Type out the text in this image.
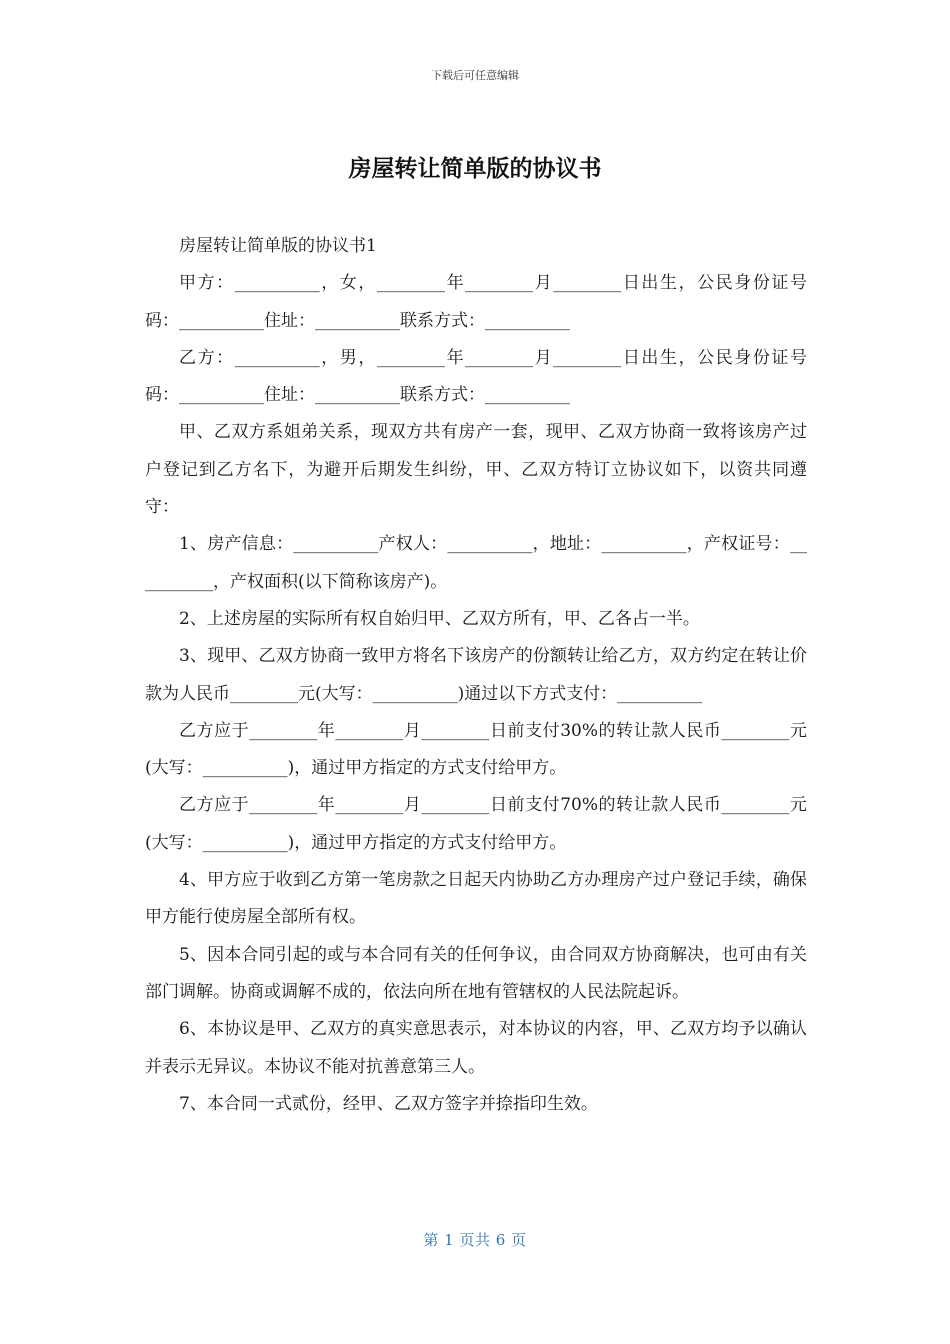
下载后可任意编辑
房屋转让简单版的协议书

房屋转让简单版的协议书1

甲方：__________，女，________年________月________日出生，公民身份证号码：__________住址：__________联系方式：__________

乙方：__________，男，________年________月________日出生，公民身份证号码：__________住址：__________联系方式：__________

甲、乙双方系姐弟关系，现双方共有房产一套，现甲、乙双方协商一致将该房产过户登记到乙方名下，为避开后期发生纠纷，甲、乙双方特订立协议如下，以资共同遵守：

1、房产信息：__________产权人：__________，地址：__________，产权证号：__________，产权面积(以下简称该房产)。

2、上述房屋的实际所有权自始归甲、乙双方所有，甲、乙各占一半。

3、现甲、乙双方协商一致甲方将名下该房产的份额转让给乙方，双方约定在转让价款为人民币________元(大写：__________)通过以下方式支付：__________

乙方应于________年________月________日前支付30%的转让款人民币________元(大写：__________)，通过甲方指定的方式支付给甲方。

乙方应于________年________月________日前支付70%的转让款人民币________元(大写：__________)，通过甲方指定的方式支付给甲方。

4、甲方应于收到乙方第一笔房款之日起天内协助乙方办理房产过户登记手续，确保甲方能行使房屋全部所有权。

5、因本合同引起的或与本合同有关的任何争议，由合同双方协商解决，也可由有关部门调解。协商或调解不成的，依法向所在地有管辖权的人民法院起诉。

6、本协议是甲、乙双方的真实意思表示，对本协议的内容，甲、乙双方均予以确认并表示无异议。本协议不能对抗善意第三人。

7、本合同一式贰份，经甲、乙双方签字并捺指印生效。

第 1 页共 6 页
